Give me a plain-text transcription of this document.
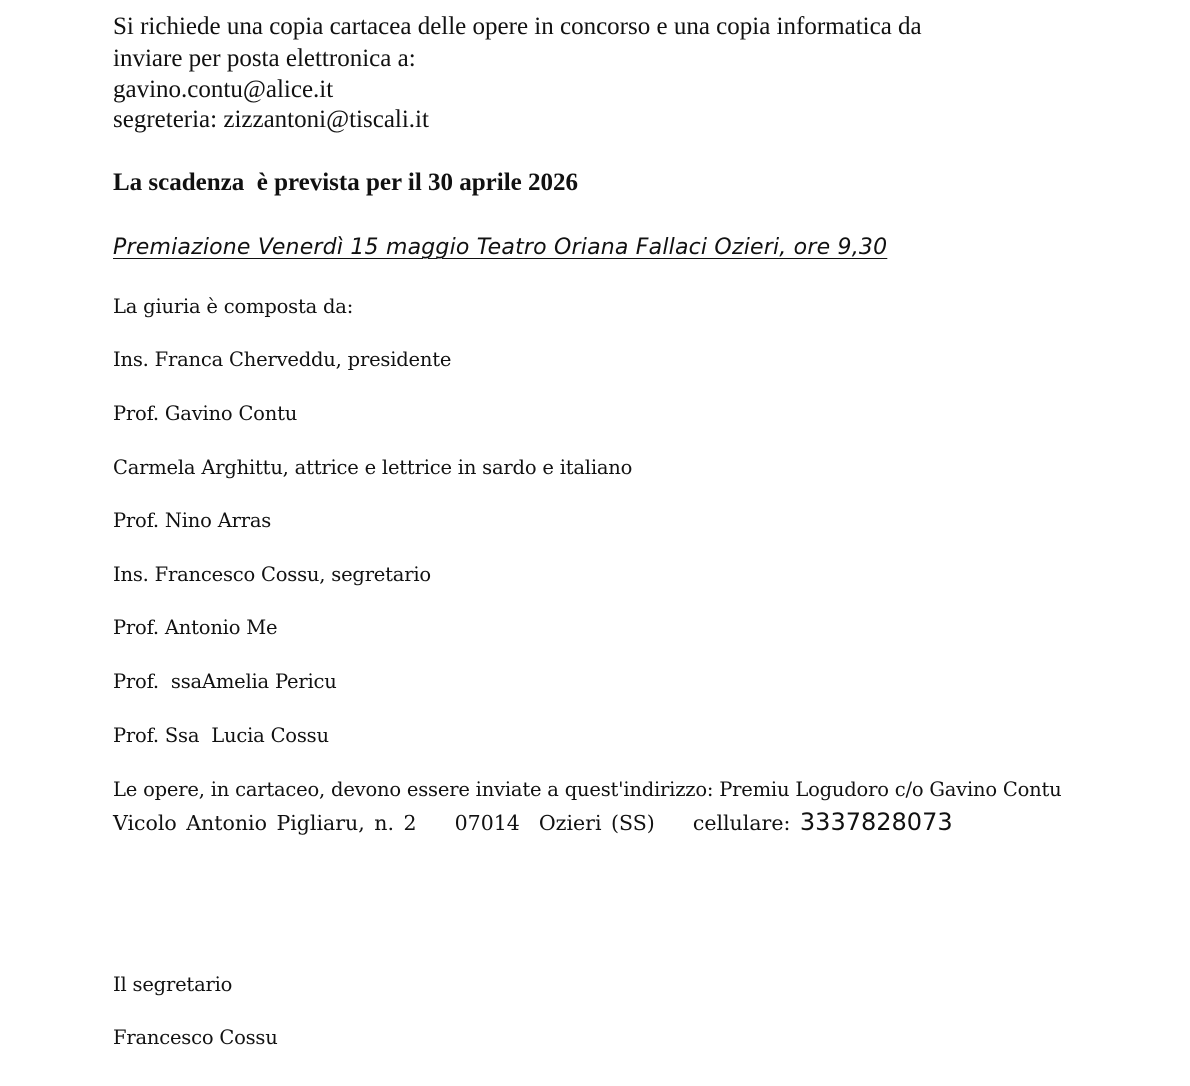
Si richiede una copia cartacea delle opere in concorso e una copia informatica da
inviare per posta elettronica a:
gavino.contu@alice.it
segreteria: zizzantoni@tiscali.it
La scadenza  è prevista per il 30 aprile 2026
Premiazione Venerdì 15 maggio Teatro Oriana Fallaci Ozieri, ore 9,30
La giuria è composta da:
Ins. Franca Cherveddu, presidente
Prof. Gavino Contu
Carmela Arghittu, attrice e lettrice in sardo e italiano
Prof. Nino Arras
Ins. Francesco Cossu, segretario
Prof. Antonio Me
Prof.  ssaAmelia Pericu
Prof. Ssa  Lucia Cossu
Le opere, in cartaceo, devono essere inviate a quest'indirizzo: Premiu Logudoro c/o Gavino Contu
Vicolo Antonio Pigliaru, n. 2    07014  Ozieri (SS)    cellulare: 3337828073
Il segretario
Francesco Cossu
